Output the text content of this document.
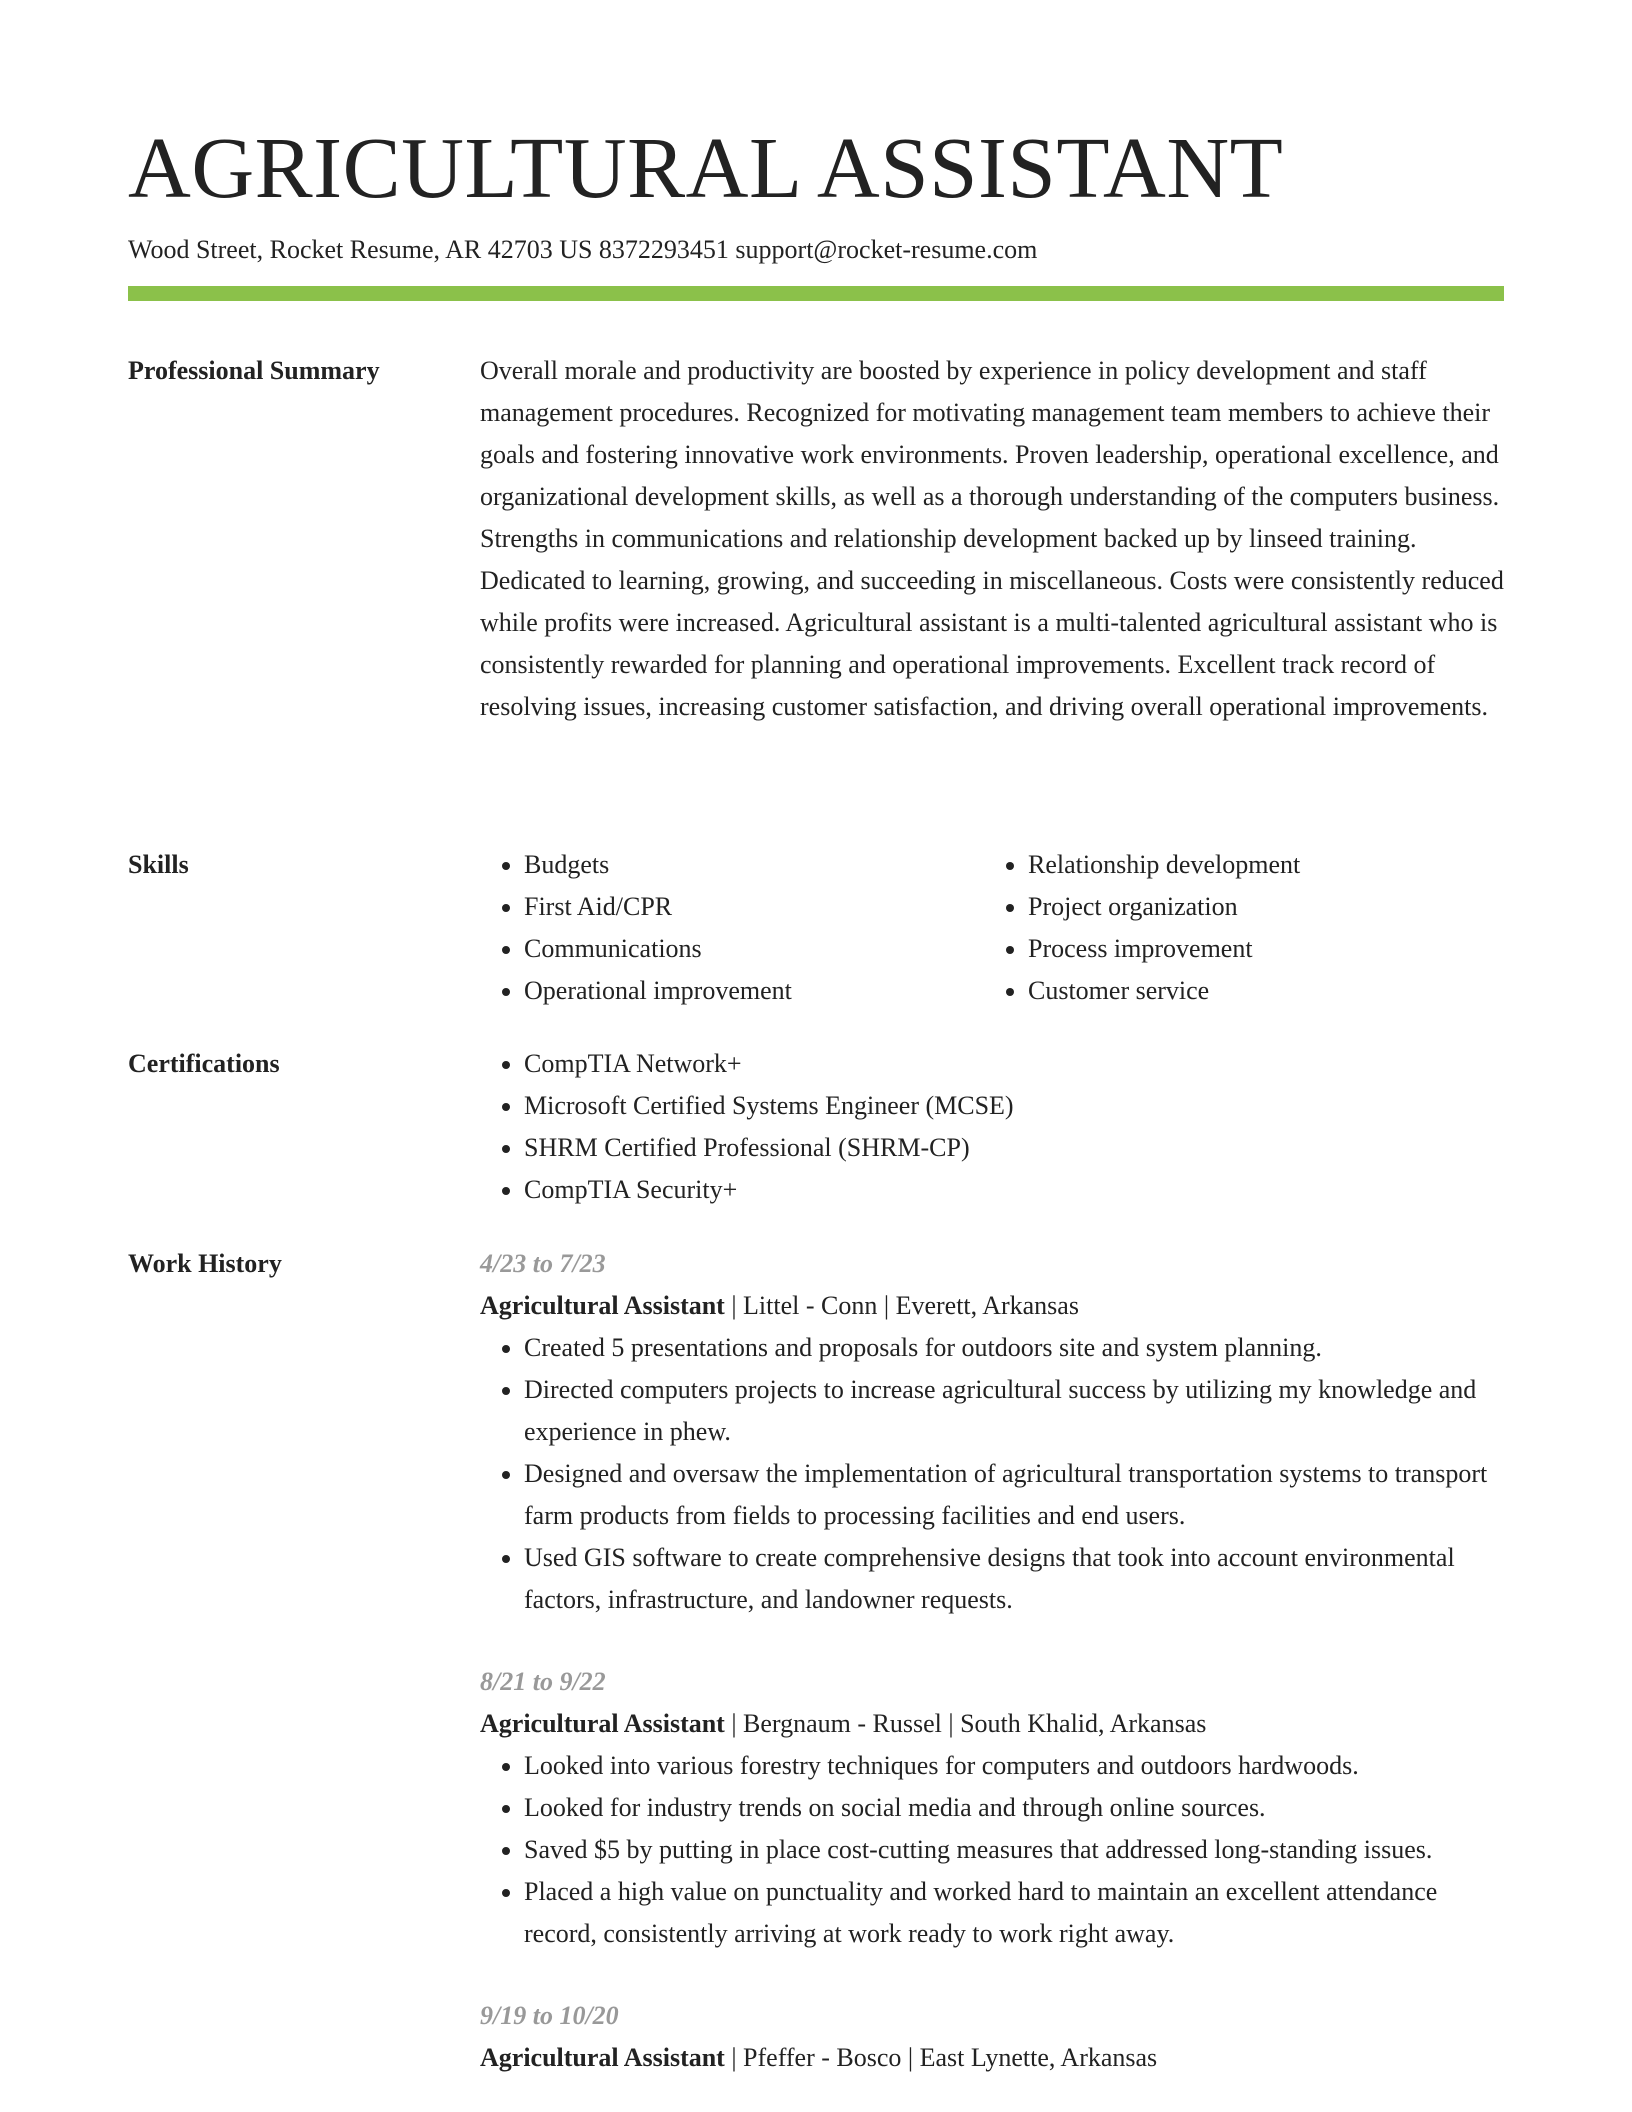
AGRICULTURAL ASSISTANT
Wood Street, Rocket Resume, AR 42703 US 8372293451 support@rocket-resume.com
Professional Summary	Overall morale and productivity are boosted by experience in policy development and staff management procedures. Recognized for motivating management team members to achieve their goals and fostering innovative work environments. Proven leadership, operational excellence, and organizational development skills, as well as a thorough understanding of the computers business. Strengths in communications and relationship development backed up by linseed training. Dedicated to learning, growing, and succeeding in miscellaneous. Costs were consistently reduced while profits were increased. Agricultural assistant is a multi-talented agricultural assistant who is consistently rewarded for planning and operational improvements. Excellent track record of resolving issues, increasing customer satisfaction, and driving overall operational improvements.

Skills	• Budgets
• First Aid/CPR
• Communications
• Operational improvement
• Relationship development
• Project organization
• Process improvement
• Customer service
Certifications	• CompTIA Network+
• Microsoft Certified Systems Engineer (MCSE)
• SHRM Certified Professional (SHRM-CP)
• CompTIA Security+
Work History	4/23 to 7/23
Agricultural Assistant | Littel - Conn | Everett, Arkansas
• Created 5 presentations and proposals for outdoors site and system planning.
• Directed computers projects to increase agricultural success by utilizing my knowledge and experience in phew.
• Designed and oversaw the implementation of agricultural transportation systems to transport farm products from fields to processing facilities and end users.
• Used GIS software to create comprehensive designs that took into account environmental factors, infrastructure, and landowner requests.
8/21 to 9/22
Agricultural Assistant | Bergnaum - Russel | South Khalid, Arkansas
• Looked into various forestry techniques for computers and outdoors hardwoods.
• Looked for industry trends on social media and through online sources.
• Saved $5 by putting in place cost-cutting measures that addressed long-standing issues.
• Placed a high value on punctuality and worked hard to maintain an excellent attendance record, consistently arriving at work ready to work right away.
9/19 to 10/20
Agricultural Assistant | Pfeffer - Bosco | East Lynette, Arkansas
